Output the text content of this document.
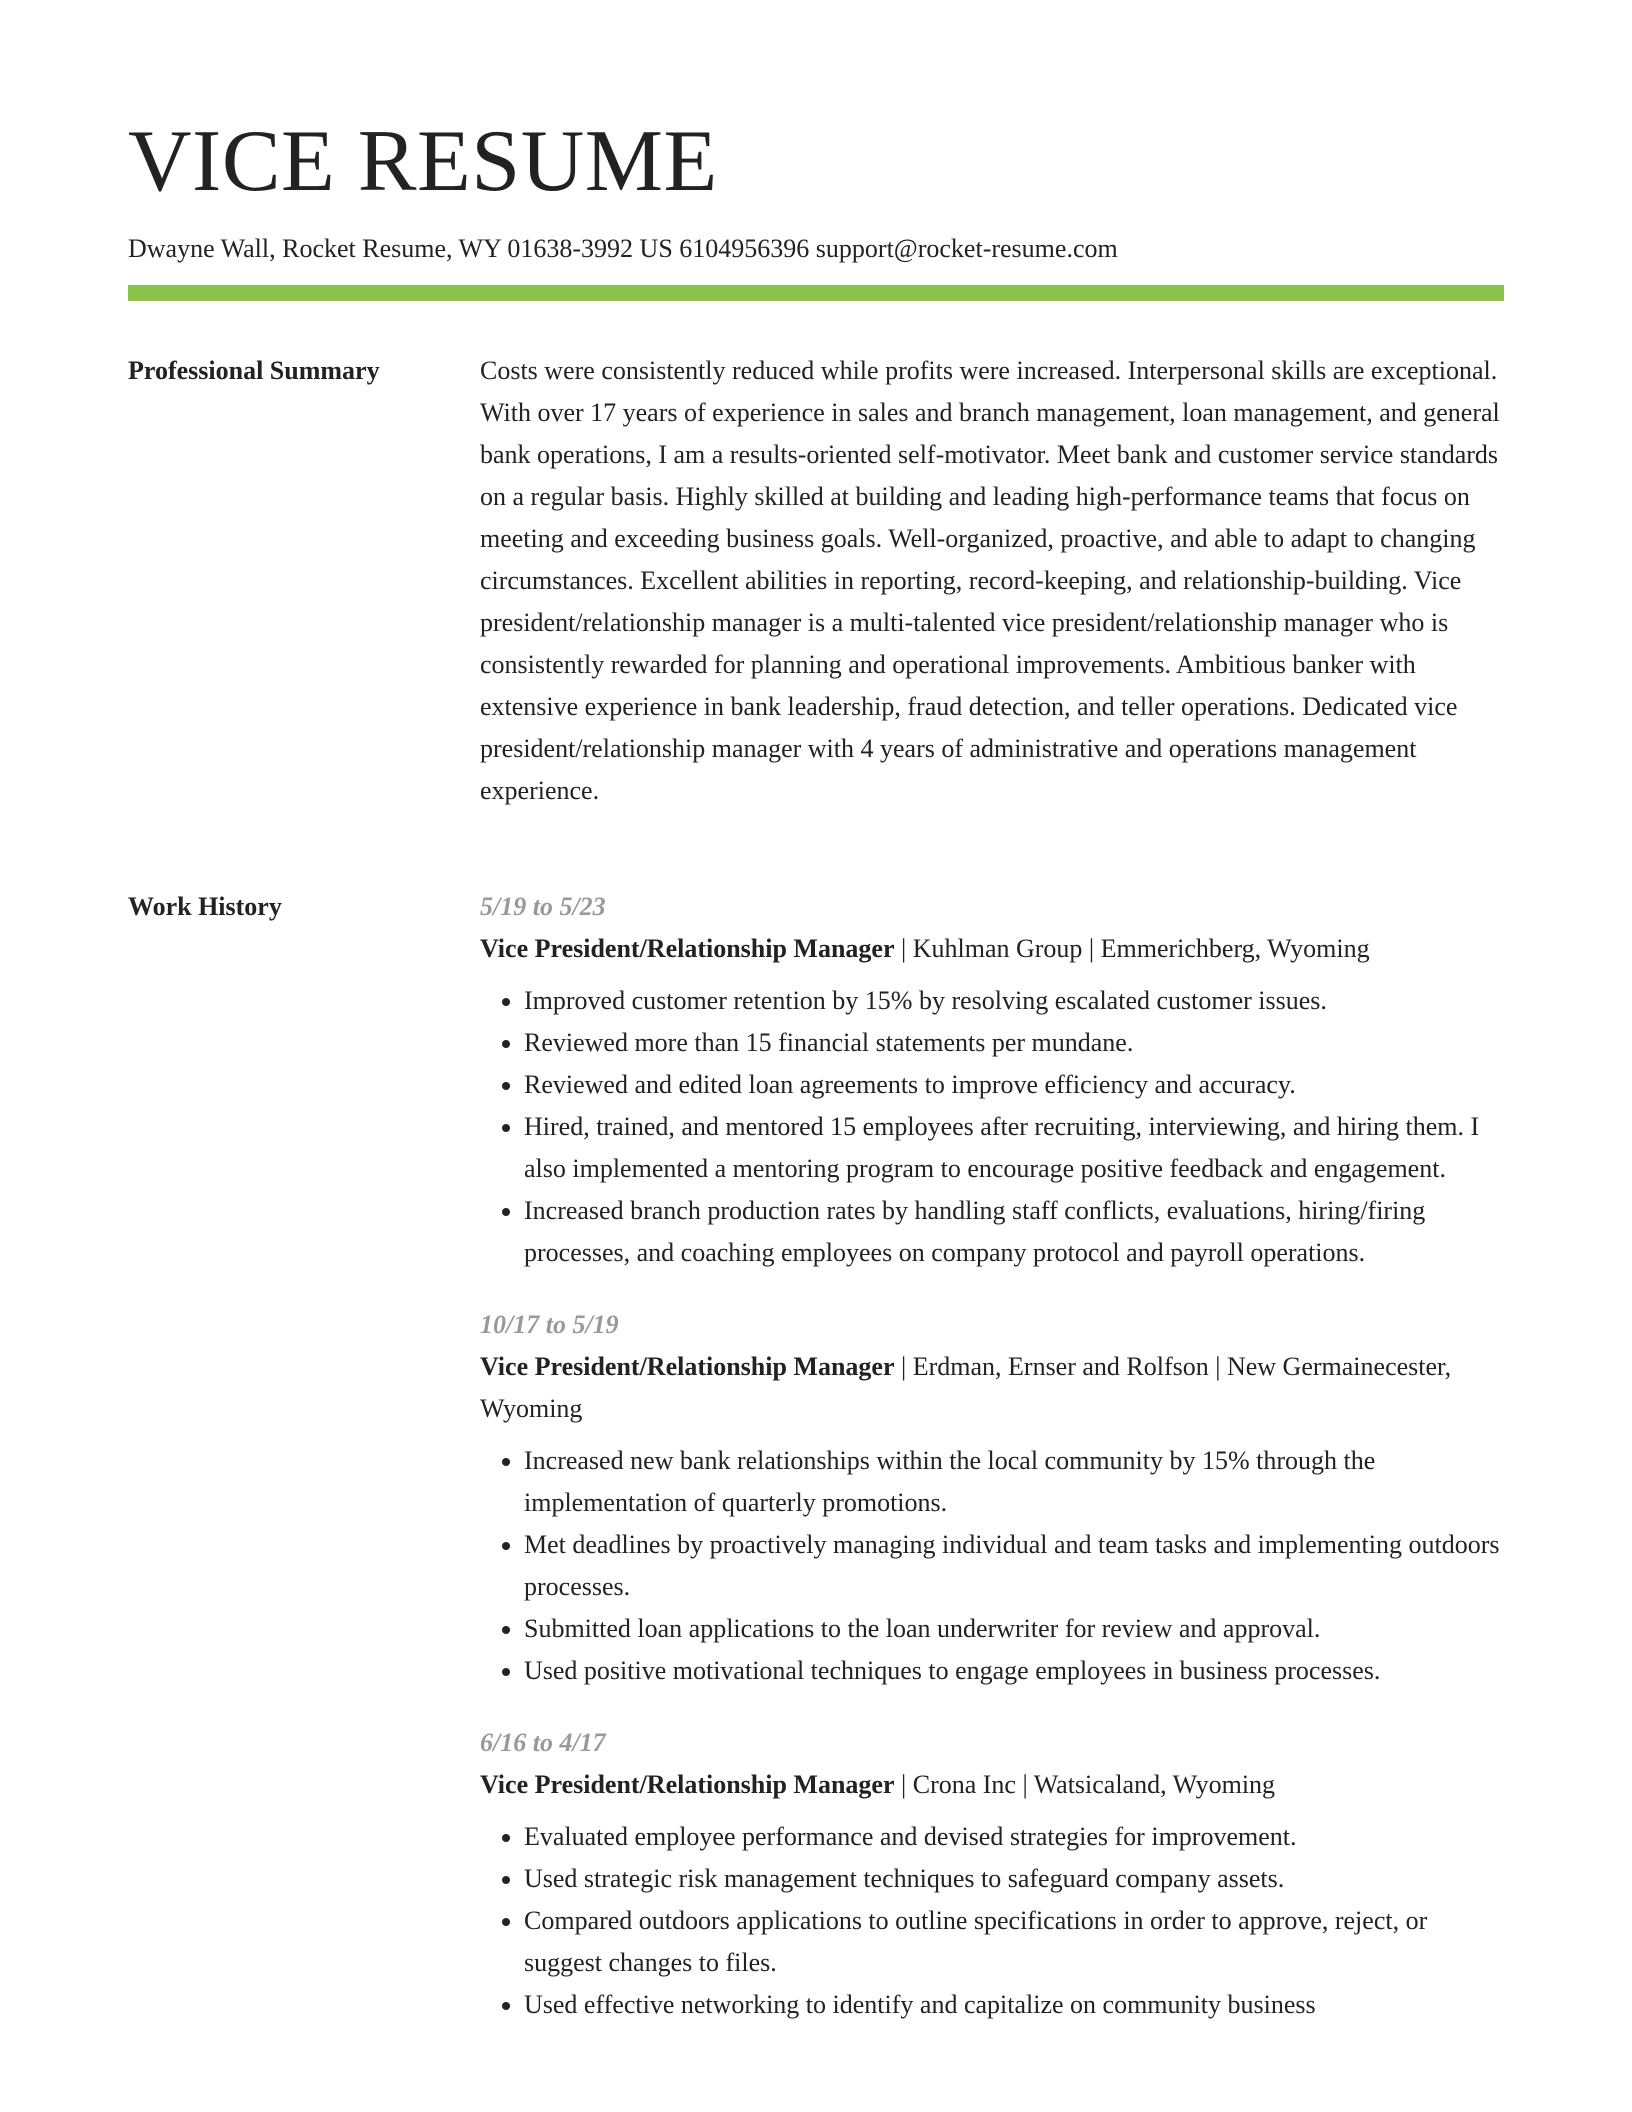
VICE RESUME
Dwayne Wall, Rocket Resume, WY 01638-3992 US 6104956396 support@rocket-resume.com
Professional Summary	Costs were consistently reduced while profits were increased. Interpersonal skills are exceptional. With over 17 years of experience in sales and branch management, loan management, and general bank operations, I am a results-oriented self-motivator. Meet bank and customer service standards on a regular basis. Highly skilled at building and leading high-performance teams that focus on meeting and exceeding business goals. Well-organized, proactive, and able to adapt to changing circumstances. Excellent abilities in reporting, record-keeping, and relationship-building. Vice president/relationship manager is a multi-talented vice president/relationship manager who is consistently rewarded for planning and operational improvements. Ambitious banker with extensive experience in bank leadership, fraud detection, and teller operations. Dedicated vice president/relationship manager with 4 years of administrative and operations management experience.

Work History	5/19 to 5/23
Vice President/Relationship Manager | Kuhlman Group | Emmerichberg, Wyoming
• Improved customer retention by 15% by resolving escalated customer issues.
• Reviewed more than 15 financial statements per mundane.
• Reviewed and edited loan agreements to improve efficiency and accuracy.
• Hired, trained, and mentored 15 employees after recruiting, interviewing, and hiring them. I also implemented a mentoring program to encourage positive feedback and engagement.
• Increased branch production rates by handling staff conflicts, evaluations, hiring/firing processes, and coaching employees on company protocol and payroll operations.
10/17 to 5/19
Vice President/Relationship Manager | Erdman, Ernser and Rolfson | New Germainecester, Wyoming
• Increased new bank relationships within the local community by 15% through the implementation of quarterly promotions.
• Met deadlines by proactively managing individual and team tasks and implementing outdoors processes.
• Submitted loan applications to the loan underwriter for review and approval.
• Used positive motivational techniques to engage employees in business processes.
6/16 to 4/17
Vice President/Relationship Manager | Crona Inc | Watsicaland, Wyoming
• Evaluated employee performance and devised strategies for improvement.
• Used strategic risk management techniques to safeguard company assets.
• Compared outdoors applications to outline specifications in order to approve, reject, or suggest changes to files.
• Used effective networking to identify and capitalize on community business
